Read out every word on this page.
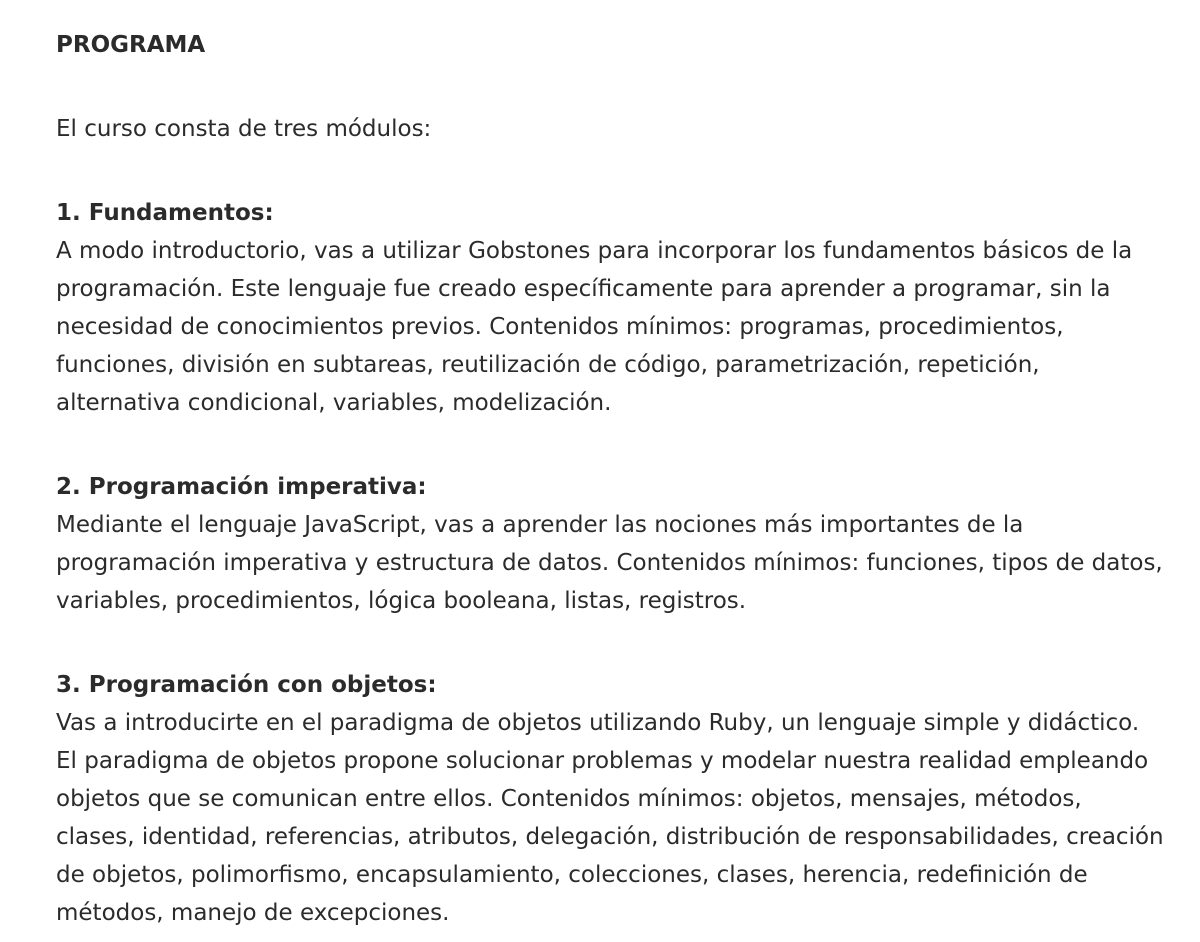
PROGRAMA

El curso consta de tres módulos:

1. Fundamentos:

A modo introductorio, vas a utilizar Gobstones para incorporar los fundamentos básicos de la programación. Este lenguaje fue creado específicamente para aprender a programar, sin la necesidad de conocimientos previos. Contenidos mínimos: programas, procedimientos, funciones, división en subtareas, reutilización de código, parametrización, repetición, alternativa condicional, variables, modelización.

2. Programación imperativa:

Mediante el lenguaje JavaScript, vas a aprender las nociones más importantes de la programación imperativa y estructura de datos. Contenidos mínimos: funciones, tipos de datos, variables, procedimientos, lógica booleana, listas, registros.

3. Programación con objetos:

Vas a introducirte en el paradigma de objetos utilizando Ruby, un lenguaje simple y didáctico. El paradigma de objetos propone solucionar problemas y modelar nuestra realidad empleando objetos que se comunican entre ellos. Contenidos mínimos: objetos, mensajes, métodos, clases, identidad, referencias, atributos, delegación, distribución de responsabilidades, creación de objetos, polimorfismo, encapsulamiento, colecciones, clases, herencia, redefinición de métodos, manejo de excepciones.
